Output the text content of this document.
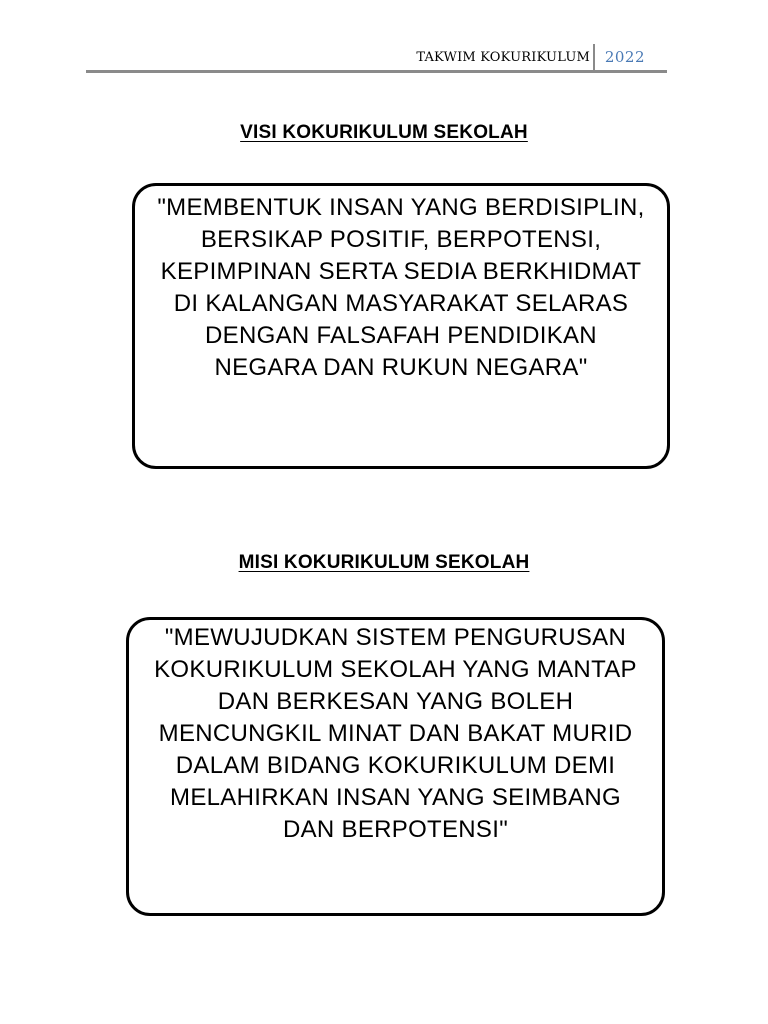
TAKWIM KOKURIKULUM 2022
VISI KOKURIKULUM SEKOLAH

"MEMBENTUK INSAN YANG BERDISIPLIN,
BERSIKAP POSITIF, BERPOTENSI,
KEPIMPINAN SERTA SEDIA BERKHIDMAT
DI KALANGAN MASYARAKAT SELARAS
DENGAN FALSAFAH PENDIDIKAN
NEGARA DAN RUKUN NEGARA"

MISI KOKURIKULUM SEKOLAH

"MEWUJUDKAN SISTEM PENGURUSAN
KOKURIKULUM SEKOLAH YANG MANTAP
DAN BERKESAN YANG BOLEH
MENCUNGKIL MINAT DAN BAKAT MURID
DALAM BIDANG KOKURIKULUM DEMI
MELAHIRKAN INSAN YANG SEIMBANG
DAN BERPOTENSI"
